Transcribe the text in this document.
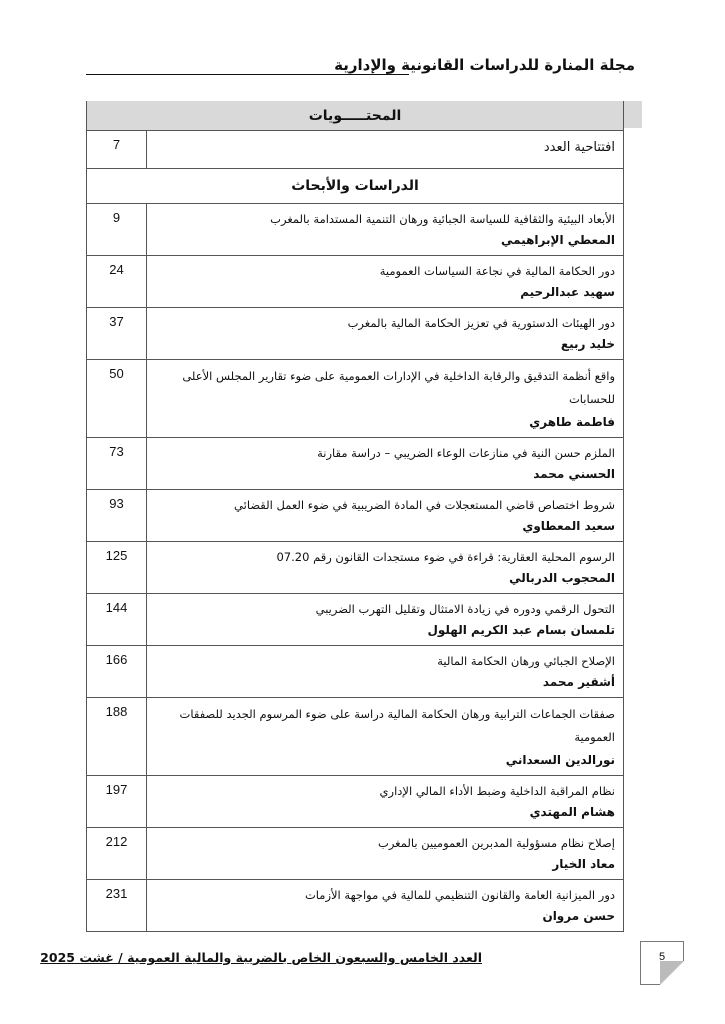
مجلة المنارة للدراسات القانونية والإدارية
المحتـــــويات	

افتتاحية العدد	7
الدراسات والأبحاث	

الأبعاد البيئية والثقافية للسياسة الجبائية ورهان التنمية المستدامة بالمغرب
المعطي الإبراهيمي	9

دور الحكامة المالية في نجاعة السياسات العمومية
سهيد عبدالرحيم	24

دور الهيئات الدستورية في تعزيز الحكامة المالية بالمغرب
خليد ربيع	37

واقع أنظمة التدقيق والرقابة الداخلية في الإدارات العمومية على ضوء تقارير المجلس الأعلى للحسابات
فاطمة طاهري	50

الملزم حسن النية في منازعات الوعاء الضريبي – دراسة مقارنة
الحسني محمد	73

شروط اختصاص قاضي المستعجلات في المادة الضريبية في ضوء العمل القضائي
سعيد المعطاوي	93

الرسوم المحلية العقارية: قراءة في ضوء مستجدات القانون رقم 07.20
المحجوب الدربالي	125

التحول الرقمي ودوره في زيادة الامتثال وتقليل التهرب الضريبي
تلمسان بسام عبد الكريم الهلول	144

الإصلاح الجبائي ورهان الحكامة المالية
أشقير محمد	166

صفقات الجماعات الترابية ورهان الحكامة المالية دراسة على ضوء المرسوم الجديد للصفقات العمومية
نورالدين السعداني	188

نظام المراقبة الداخلية وضبط الأداء المالي الإداري
هشام المهتدي	197

إصلاح نظام مسؤولية المدبرين العموميين بالمغرب
معاد الخيار	212

دور الميزانية العامة والقانون التنظيمي للمالية في مواجهة الأزمات
حسن مروان	231
العدد الخامس والسبعون الخاص بالضريبة والمالية العمومية / غشت 2025	5
